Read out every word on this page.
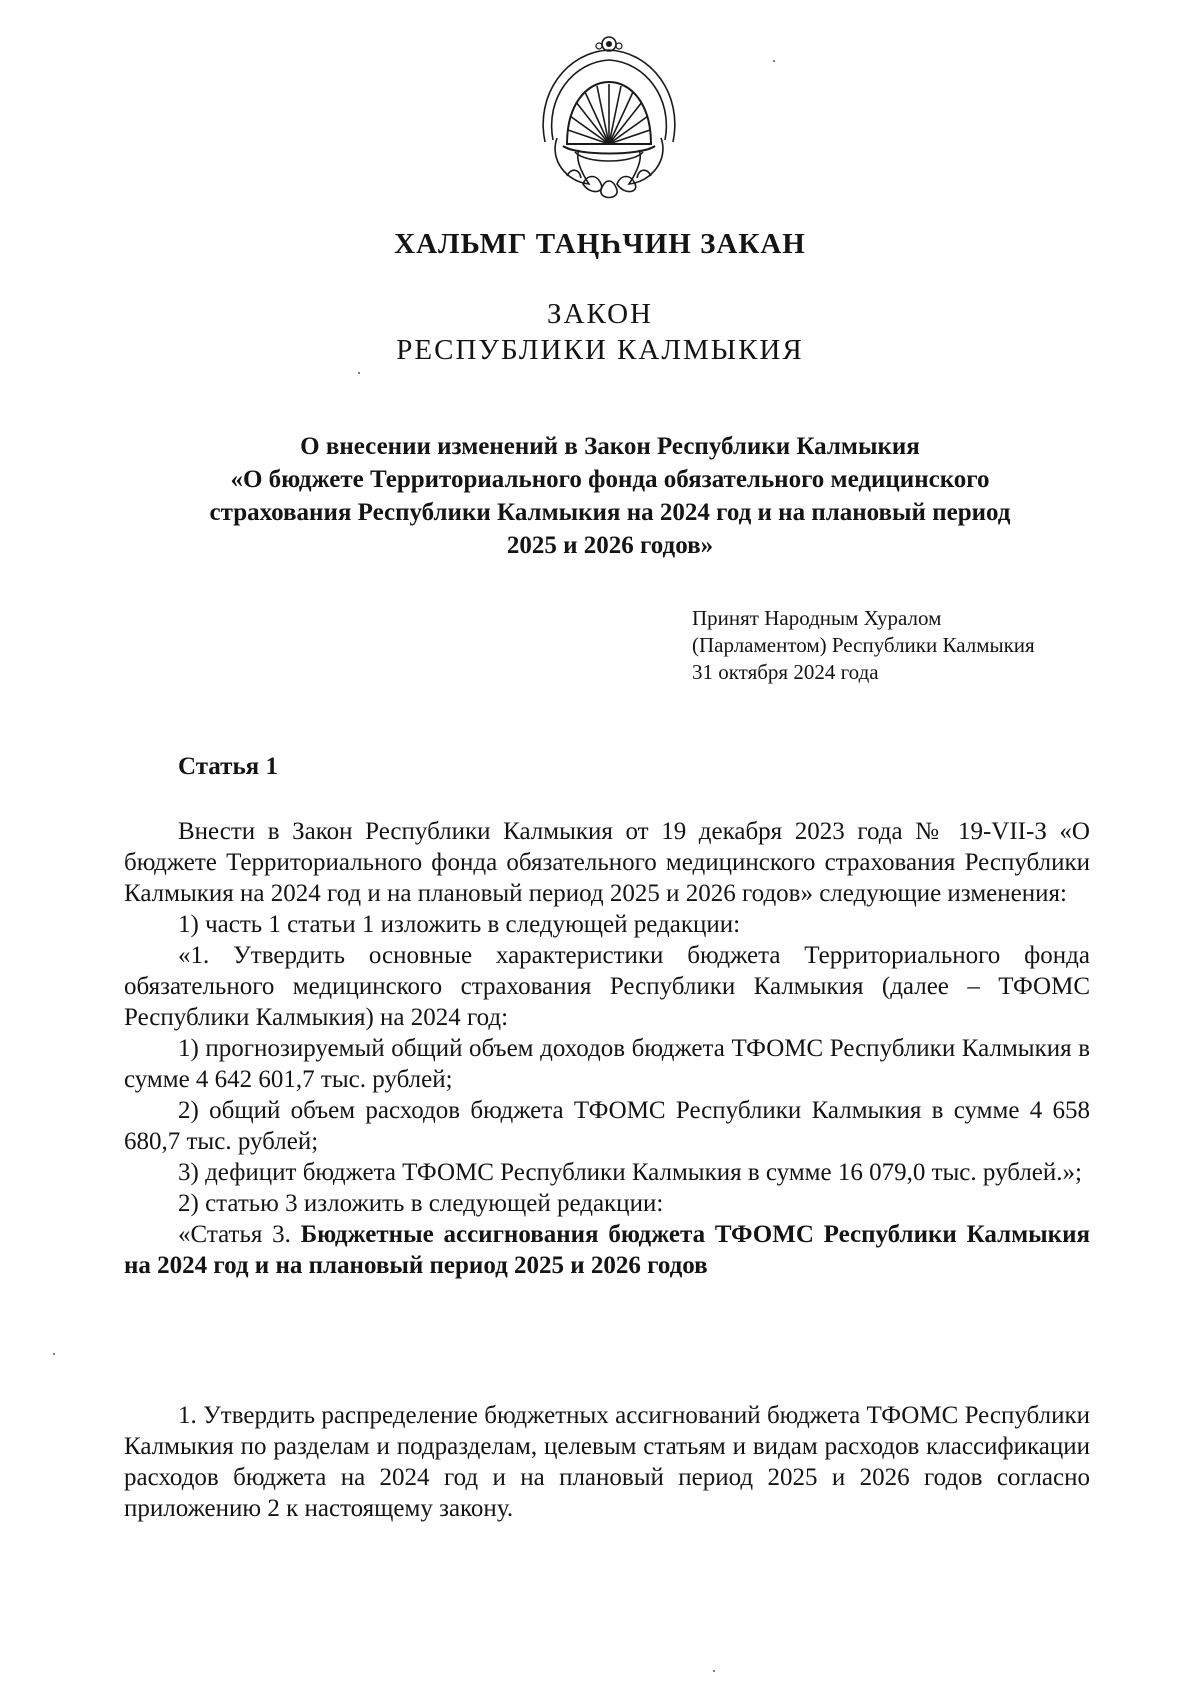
ХАЛЬМГ ТАҢҺЧИН ЗАКАН
ЗАКОН
РЕСПУБЛИКИ КАЛМЫКИЯ
О внесении изменений в Закон Республики Калмыкия
«О бюджете Территориального фонда обязательного медицинского
страхования Республики Калмыкия на 2024 год и на плановый период
2025 и 2026 годов»
Принят Народным Хуралом
(Парламентом) Республики Калмыкия
31 октября 2024 года
Статья 1

Внести в Закон Республики Калмыкия от 19 декабря 2023 года № 19-VII-З «О бюджете Территориального фонда обязательного медицинского страхования Республики Калмыкия на 2024 год и на плановый период 2025 и 2026 годов» следующие изменения:

1) часть 1 статьи 1 изложить в следующей редакции:

«1. Утвердить основные характеристики бюджета Территориального фонда обязательного медицинского страхования Республики Калмыкия (далее – ТФОМС Республики Калмыкия) на 2024 год:

1) прогнозируемый общий объем доходов бюджета ТФОМС Республики Калмыкия в сумме 4 642 601,7 тыс. рублей;

2) общий объем расходов бюджета ТФОМС Республики Калмыкия в сумме 4 658 680,7 тыс. рублей;

3) дефицит бюджета ТФОМС Республики Калмыкия в сумме 16 079,0 тыс. рублей.»;

2) статью 3 изложить в следующей редакции:

«Статья 3. Бюджетные ассигнования бюджета ТФОМС Республики Калмыкия на 2024 год и на плановый период 2025 и 2026 годов

1. Утвердить распределение бюджетных ассигнований бюджета ТФОМС Республики Калмыкия по разделам и подразделам, целевым статьям и видам расходов классификации расходов бюджета на 2024 год и на плановый период 2025 и 2026 годов согласно приложению 2 к настоящему закону.
